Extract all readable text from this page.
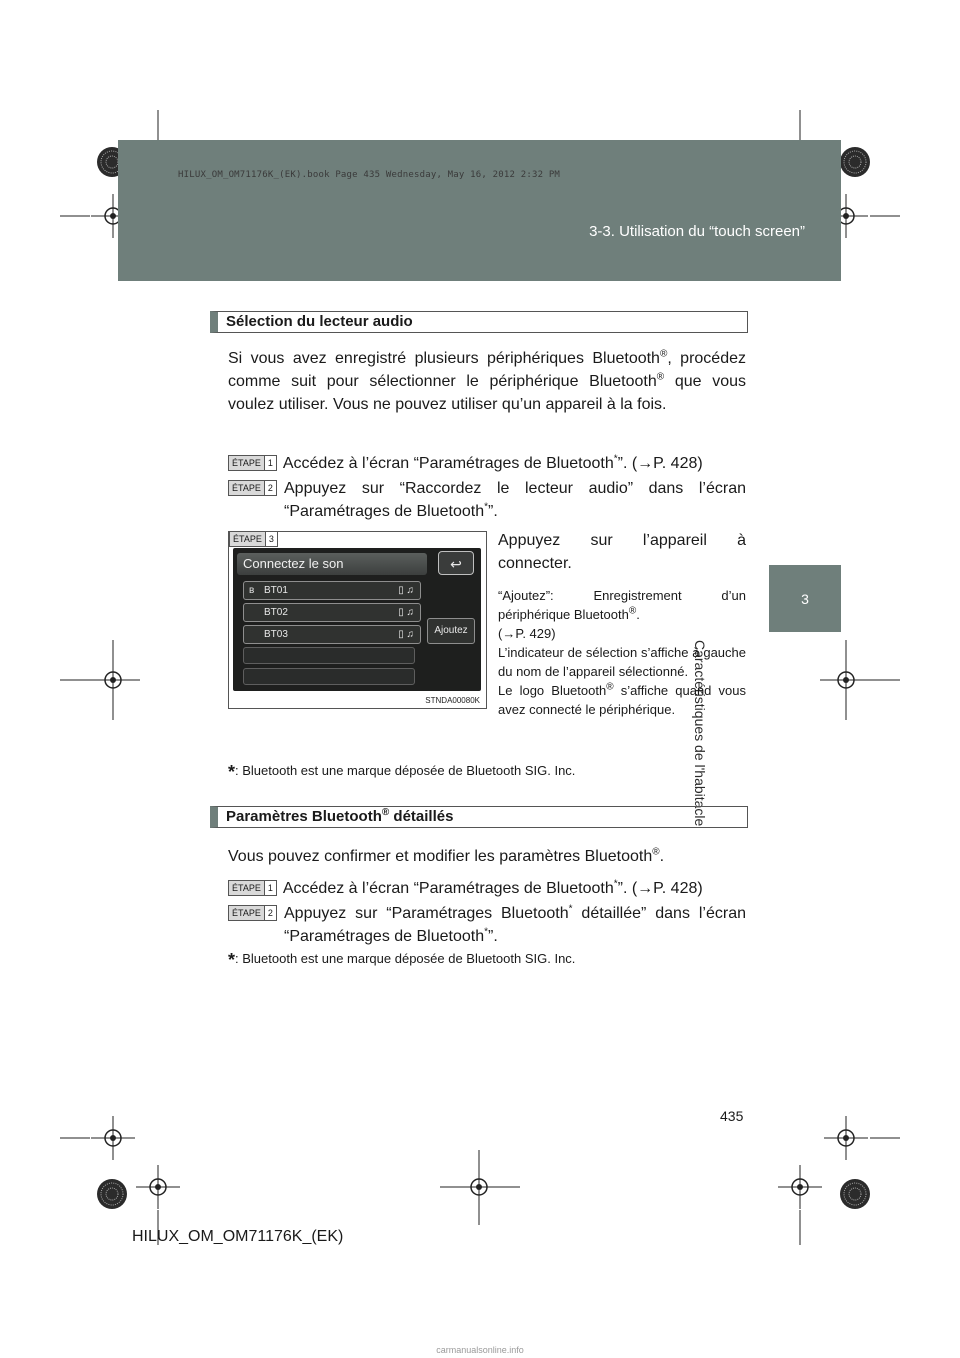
HILUX_OM_OM71176K_(EK).book Page 435 Wednesday, May 16, 2012 2:32 PM
3-3. Utilisation du “touch screen”
3
Caractéristiques de l'habitacle
Sélection du lecteur audio
Si vous avez enregistré plusieurs périphériques Bluetooth®, procédez comme suit pour sélectionner le périphérique Bluetooth® que vous voulez utiliser. Vous ne pouvez utiliser qu’un appareil à la fois.
ÉTAPE 1 Accédez à l’écran “Paramétrages de Bluetooth*”. (→P. 428)
ÉTAPE 2 Appuyez sur “Raccordez le lecteur audio” dans l’écran “Paramétrages de Bluetooth*”.
ÉTAPE 3
Connectez le son	↩
ʙ BT01	▯ ♫
BT02	▯ ♫
BT03	▯ ♫	Ajoutez
STNDA00080K
Appuyez sur l’appareil à connecter.
“Ajoutez”: Enregistrement d’un périphérique Bluetooth®.
(→P. 429)
L’indicateur de sélection s’affiche à gauche du nom de l’appareil sélectionné.
Le logo Bluetooth® s’affiche quand vous avez connecté le périphérique.
*: Bluetooth est une marque déposée de Bluetooth SIG. Inc.
Paramètres Bluetooth® détaillés
Vous pouvez confirmer et modifier les paramètres Bluetooth®.
ÉTAPE 1 Accédez à l’écran “Paramétrages de Bluetooth*”. (→P. 428)
ÉTAPE 2 Appuyez sur “Paramétrages Bluetooth* détaillée” dans l’écran “Paramétrages de Bluetooth*”.
*: Bluetooth est une marque déposée de Bluetooth SIG. Inc.
435
HILUX_OM_OM71176K_(EK)
carmanualsonline.info
